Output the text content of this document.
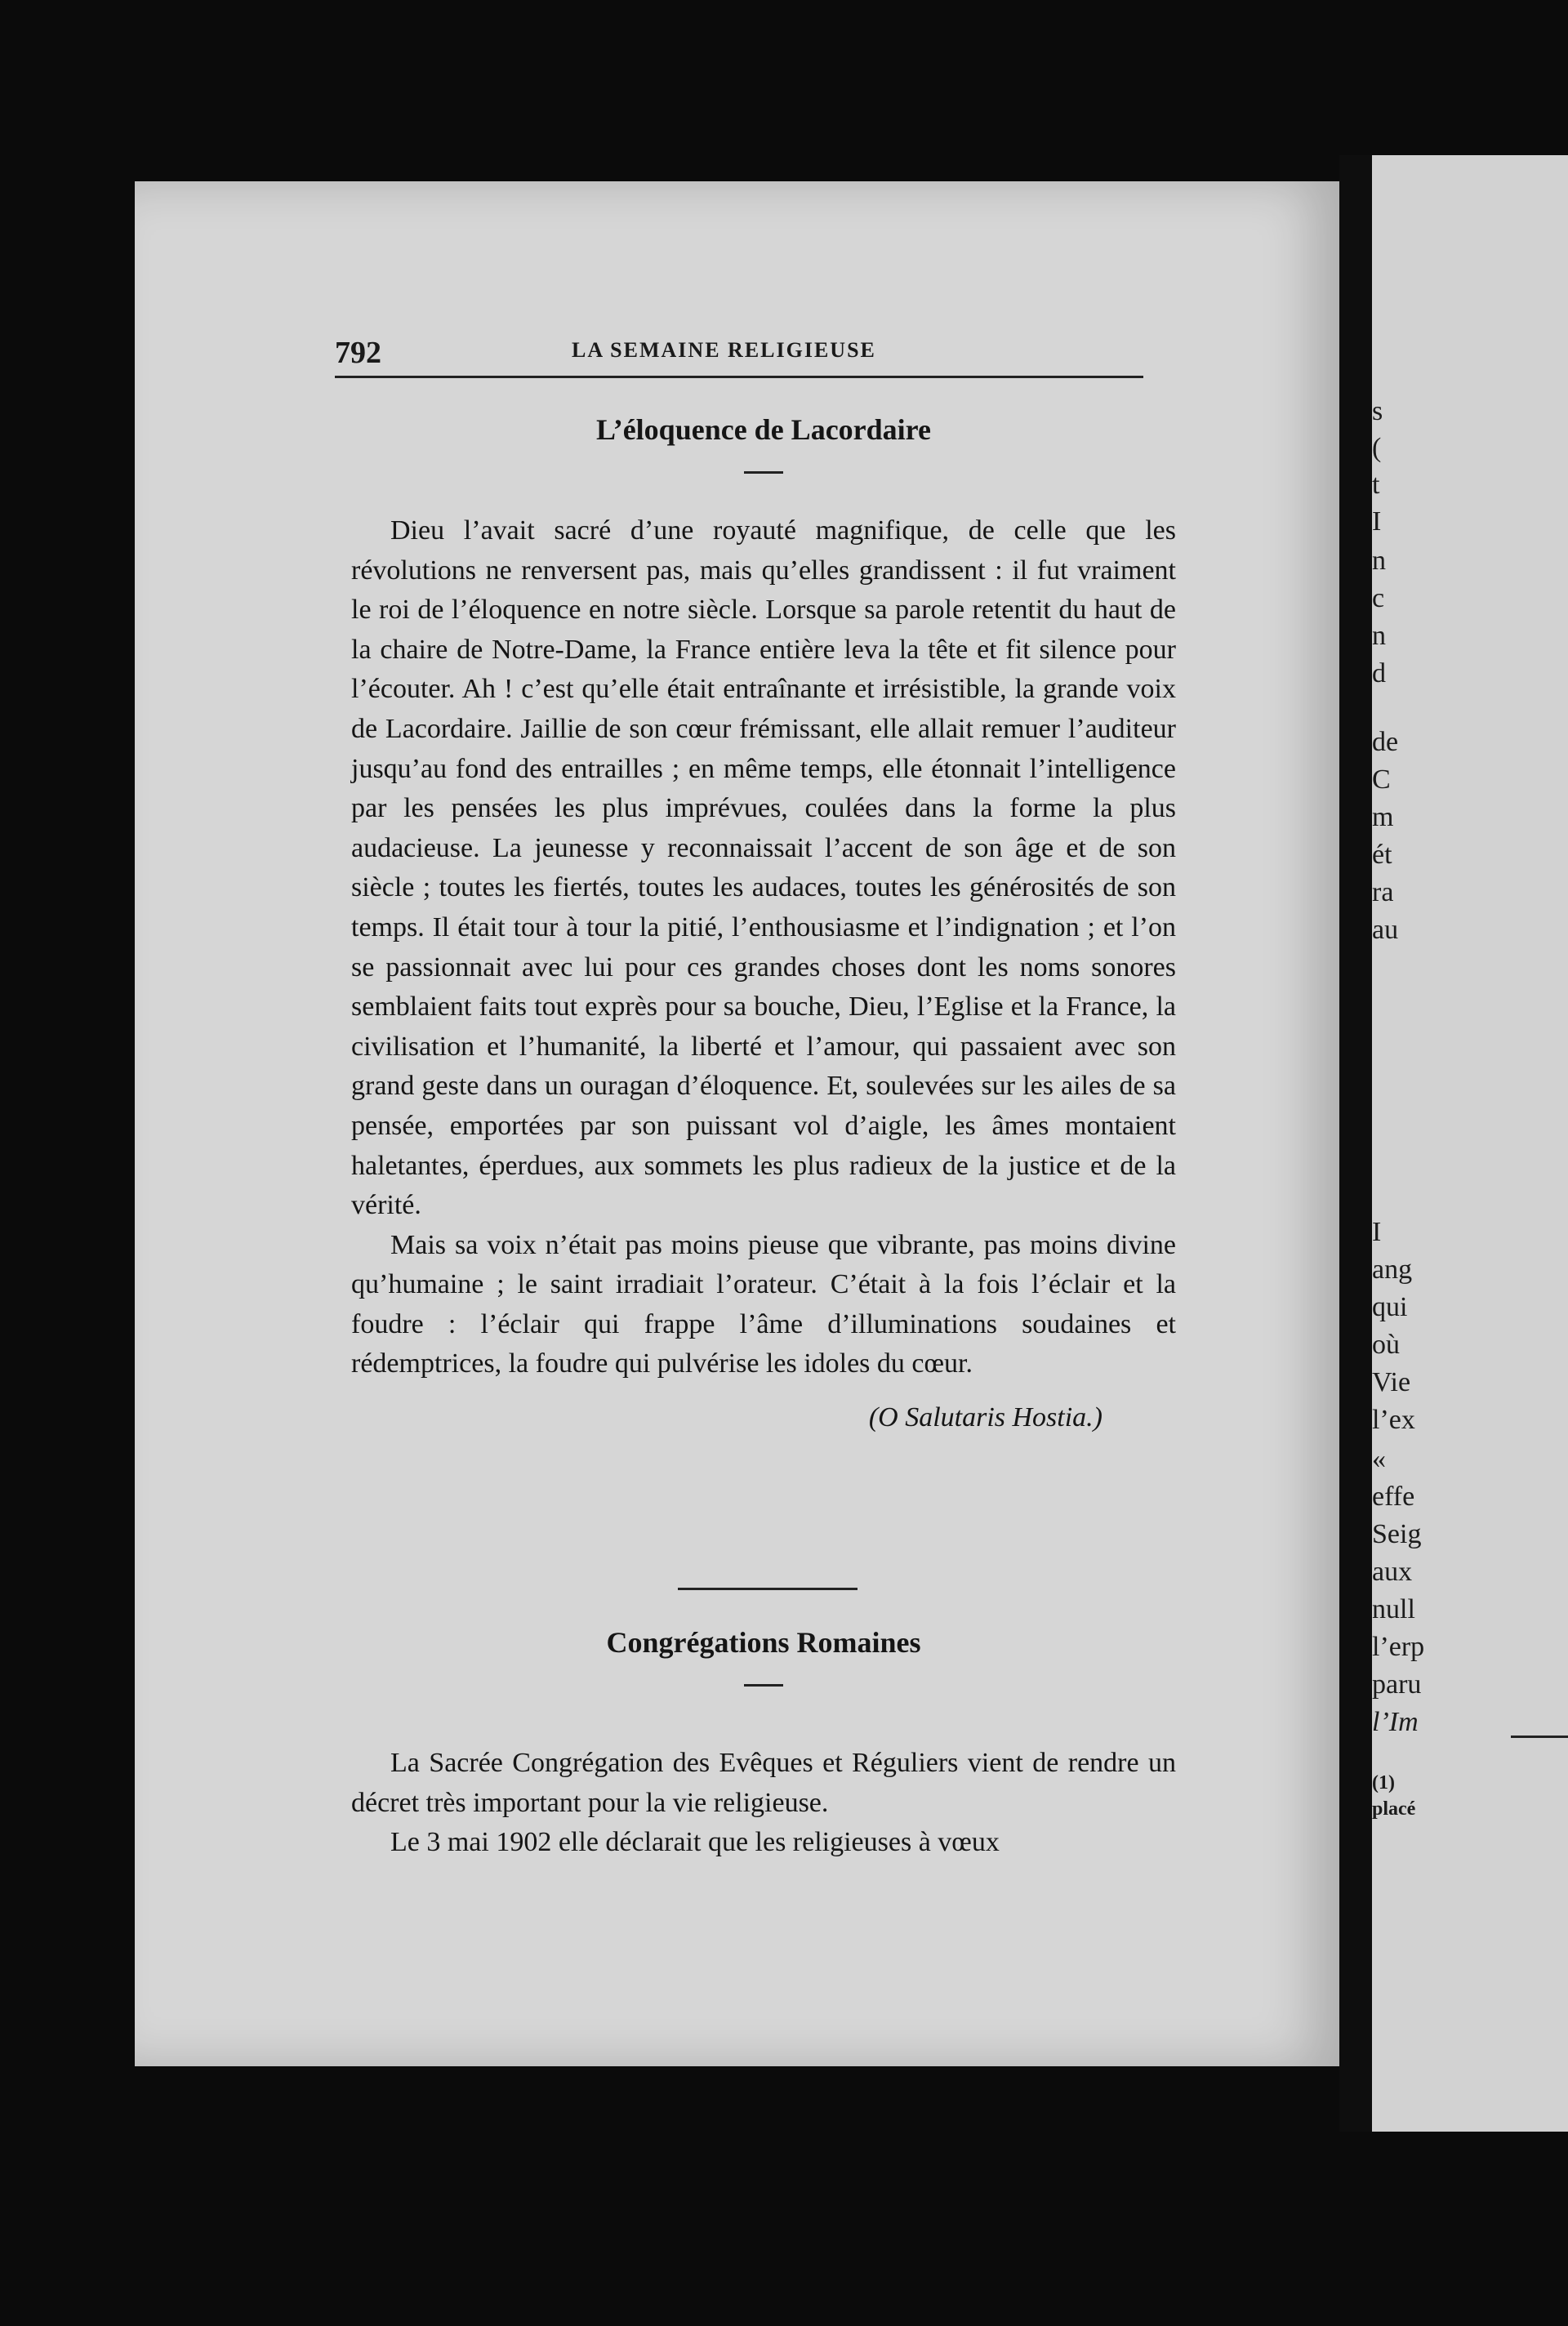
s
(
t
I
n
c
n
d
de
C
m
ét
ra
au
I
ang
qui
où
Vie
l’ex
«
effe
Seig
aux
null
l’erp
paru
l’Im
(1)
placé
792	LA SEMAINE RELIGIEUSE
L’éloquence de Lacordaire

Dieu l’avait sacré d’une royauté magnifique, de celle que les révolutions ne renversent pas, mais qu’elles grandissent : il fut vraiment le roi de l’éloquence en notre siècle. Lorsque sa parole retentit du haut de la chaire de Notre-Dame, la France entière leva la tête et fit silence pour l’écouter. Ah ! c’est qu’elle était entraînante et irrésistible, la grande voix de Lacordaire. Jaillie de son cœur frémissant, elle allait remuer l’auditeur jusqu’au fond des entrailles ; en même temps, elle étonnait l’intelligence par les pensées les plus imprévues, coulées dans la forme la plus audacieuse. La jeunesse y reconnaissait l’accent de son âge et de son siècle ; toutes les fiertés, toutes les audaces, toutes les générosités de son temps. Il était tour à tour la pitié, l’enthousiasme et l’indignation ; et l’on se passionnait avec lui pour ces grandes choses dont les noms sonores semblaient faits tout exprès pour sa bouche, Dieu, l’Eglise et la France, la civilisation et l’humanité, la liberté et l’amour, qui passaient avec son grand geste dans un ouragan d’éloquence. Et, soulevées sur les ailes de sa pensée, emportées par son puissant vol d’aigle, les âmes montaient haletantes, éperdues, aux sommets les plus radieux de la justice et de la vérité.

Mais sa voix n’était pas moins pieuse que vibrante, pas moins divine qu’humaine ; le saint irradiait l’orateur. C’était à la fois l’éclair et la foudre : l’éclair qui frappe l’âme d’illuminations soudaines et rédemptrices, la foudre qui pulvérise les idoles du cœur.

(O Salutaris Hostia.)
Congrégations Romaines

La Sacrée Congrégation des Evêques et Réguliers vient de rendre un décret très important pour la vie religieuse.

Le 3 mai 1902 elle déclarait que les religieuses à vœux
